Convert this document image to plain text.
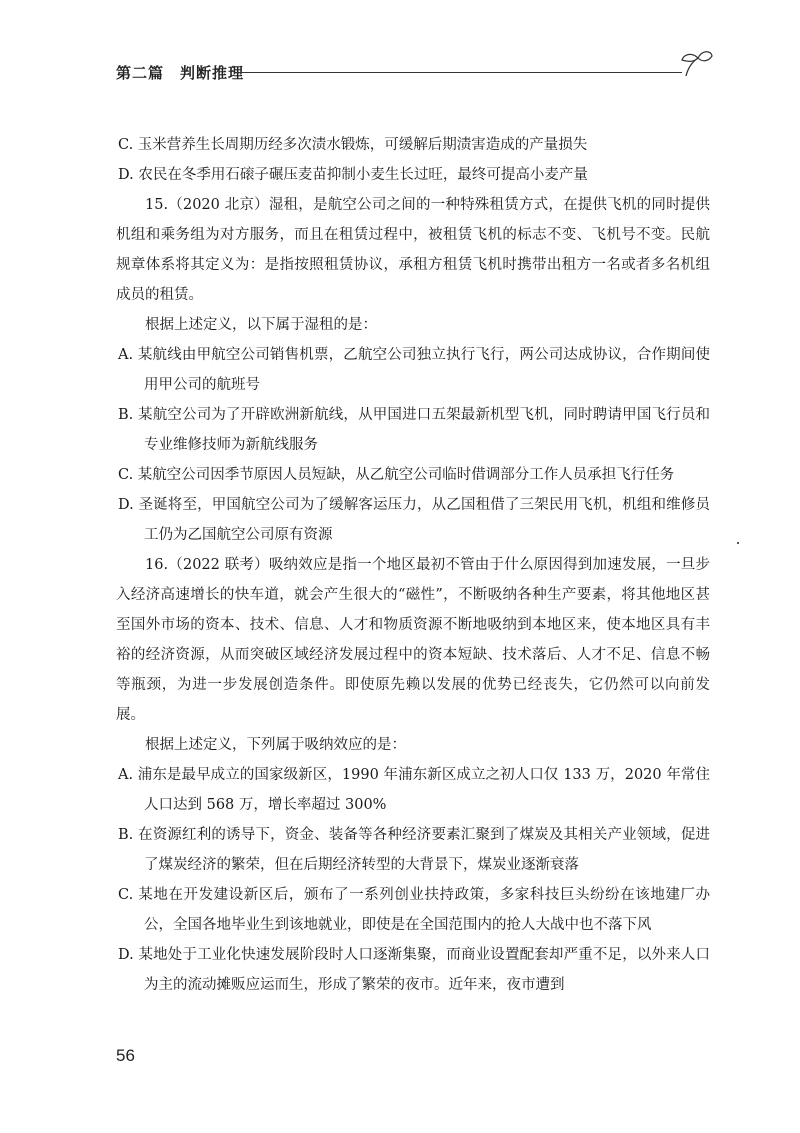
第二篇　判断推理

C. 玉米营养生长周期历经多次渍水锻炼，可缓解后期渍害造成的产量损失

D. 农民在冬季用石磙子碾压麦苗抑制小麦生长过旺，最终可提高小麦产量

15.（2020 北京）湿租，是航空公司之间的一种特殊租赁方式，在提供飞机的同时提供机组和乘务组为对方服务，而且在租赁过程中，被租赁飞机的标志不变、飞机号不变。民航规章体系将其定义为：是指按照租赁协议，承租方租赁飞机时携带出租方一名或者多名机组成员的租赁。

根据上述定义，以下属于湿租的是：

A. 某航线由甲航空公司销售机票，乙航空公司独立执行飞行，两公司达成协议，合作期间使用甲公司的航班号

B. 某航空公司为了开辟欧洲新航线，从甲国进口五架最新机型飞机，同时聘请甲国飞行员和专业维修技师为新航线服务

C. 某航空公司因季节原因人员短缺，从乙航空公司临时借调部分工作人员承担飞行任务

D. 圣诞将至，甲国航空公司为了缓解客运压力，从乙国租借了三架民用飞机，机组和维修员工仍为乙国航空公司原有资源

16.（2022 联考）吸纳效应是指一个地区最初不管由于什么原因得到加速发展，一旦步入经济高速增长的快车道，就会产生很大的“磁性”，不断吸纳各种生产要素，将其他地区甚至国外市场的资本、技术、信息、人才和物质资源不断地吸纳到本地区来，使本地区具有丰裕的经济资源，从而突破区域经济发展过程中的资本短缺、技术落后、人才不足、信息不畅等瓶颈，为进一步发展创造条件。即使原先赖以发展的优势已经丧失，它仍然可以向前发展。

根据上述定义，下列属于吸纳效应的是：

A. 浦东是最早成立的国家级新区，1990 年浦东新区成立之初人口仅 133 万，2020 年常住人口达到 568 万，增长率超过 300%

B. 在资源红利的诱导下，资金、装备等各种经济要素汇聚到了煤炭及其相关产业领域，促进了煤炭经济的繁荣，但在后期经济转型的大背景下，煤炭业逐渐衰落

C. 某地在开发建设新区后，颁布了一系列创业扶持政策，多家科技巨头纷纷在该地建厂办公，全国各地毕业生到该地就业，即使是在全国范围内的抢人大战中也不落下风

D. 某地处于工业化快速发展阶段时人口逐渐集聚，而商业设置配套却严重不足，以外来人口为主的流动摊贩应运而生，形成了繁荣的夜市。近年来，夜市遭到

56
